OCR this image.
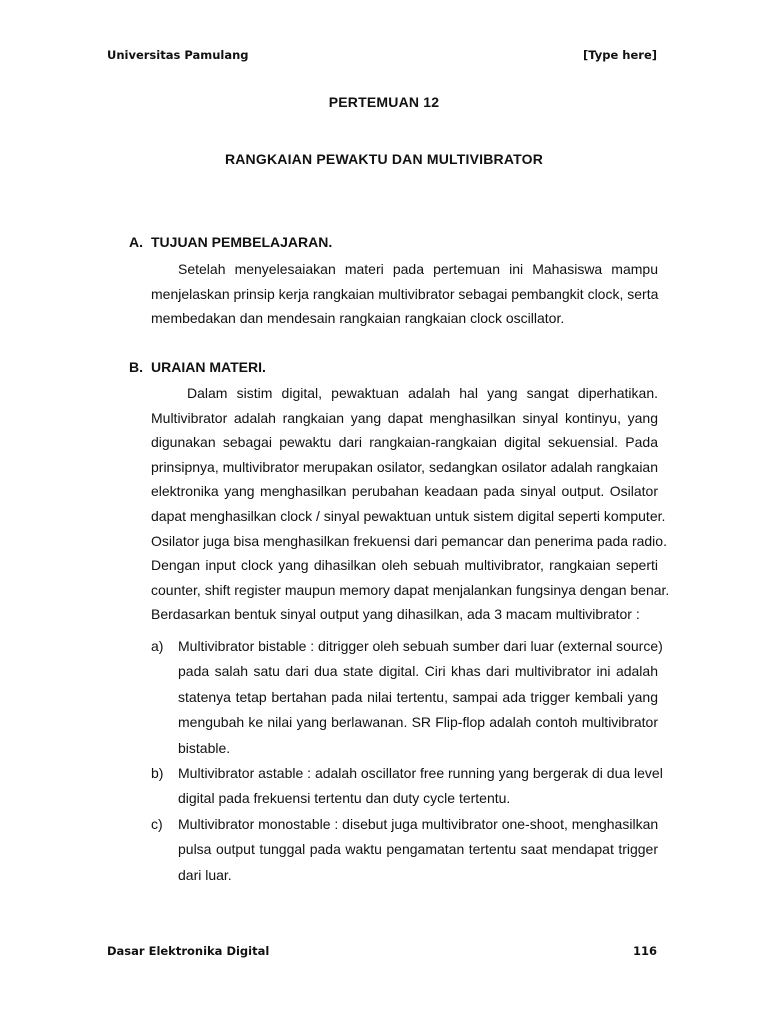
Universitas Pamulang	[Type here]
PERTEMUAN 12
RANGKAIAN PEWAKTU DAN MULTIVIBRATOR
A. TUJUAN PEMBELAJARAN.
Setelah menyelesaiakan materi pada pertemuan ini Mahasiswa mampu
menjelaskan prinsip kerja rangkaian multivibrator sebagai pembangkit clock, serta
membedakan dan mendesain rangkaian rangkaian clock oscillator.
B. URAIAN MATERI.
Dalam sistim digital, pewaktuan adalah hal yang sangat diperhatikan.
Multivibrator adalah rangkaian yang dapat menghasilkan sinyal kontinyu, yang
digunakan sebagai pewaktu dari rangkaian-rangkaian digital sekuensial. Pada
prinsipnya, multivibrator merupakan osilator, sedangkan osilator adalah rangkaian
elektronika yang menghasilkan perubahan keadaan pada sinyal output. Osilator
dapat menghasilkan clock / sinyal pewaktuan untuk sistem digital seperti komputer.
Osilator juga bisa menghasilkan frekuensi dari pemancar dan penerima pada radio.
Dengan input clock yang dihasilkan oleh sebuah multivibrator, rangkaian seperti
counter, shift register maupun memory dapat menjalankan fungsinya dengan benar.
Berdasarkan bentuk sinyal output yang dihasilkan, ada 3 macam multivibrator :
a) Multivibrator bistable : ditrigger oleh sebuah sumber dari luar (external source)
pada salah satu dari dua state digital. Ciri khas dari multivibrator ini adalah
statenya tetap bertahan pada nilai tertentu, sampai ada trigger kembali yang
mengubah ke nilai yang berlawanan. SR Flip-flop adalah contoh multivibrator
bistable.
b) Multivibrator astable : adalah oscillator free running yang bergerak di dua level
digital pada frekuensi tertentu dan duty cycle tertentu.
c) Multivibrator monostable : disebut juga multivibrator one-shoot, menghasilkan
pulsa output tunggal pada waktu pengamatan tertentu saat mendapat trigger
dari luar.
Dasar Elektronika Digital	116
